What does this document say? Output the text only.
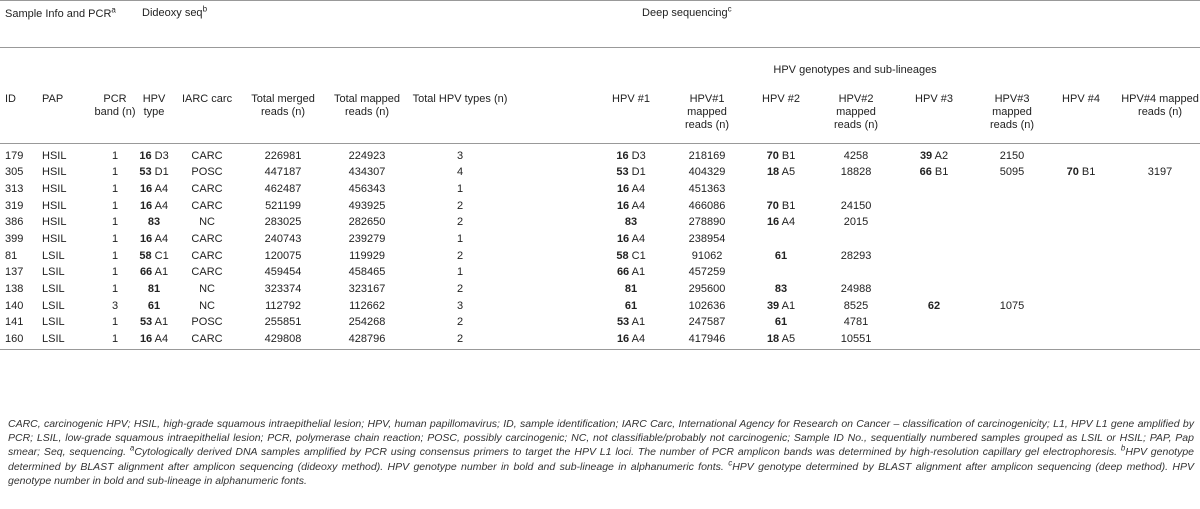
Sample Info and PCR$^a$			Dideoxy seq$^b$		Deep sequencing$^c$
								HPV genotypes and sub-lineages								
ID	PAP	PCR band (n)	HPV type	IARC carc	Total merged reads (n)	Total mapped reads (n)	Total HPV types (n)		HPV #1	HPV#1 mapped reads (n)	HPV #2	HPV#2 mapped reads (n)	HPV #3	HPV#3 mapped reads (n)	HPV #4	HPV#4 mapped reads (n)
179	HSIL	1	16 D3	CARC	226981	224923	3		16 D3	218169	70 B1	4258	39 A2	2150		
305	HSIL	1	53 D1	POSC	447187	434307	4		53 D1	404329	18 A5	18828	66 B1	5095	70 B1	3197
313	HSIL	1	16 A4	CARC	462487	456343	1		16 A4	451363						
319	HSIL	1	16 A4	CARC	521199	493925	2		16 A4	466086	70 B1	24150				
386	HSIL	1	83	NC	283025	282650	2		83	278890	16 A4	2015				
399	HSIL	1	16 A4	CARC	240743	239279	1		16 A4	238954						
81	LSIL	1	58 C1	CARC	120075	119929	2		58 C1	91062	61	28293				
137	LSIL	1	66 A1	CARC	459454	458465	1		66 A1	457259						
138	LSIL	1	81	NC	323374	323167	2		81	295600	83	24988				
140	LSIL	3	61	NC	112792	112662	3		61	102636	39 A1	8525	62	1075		
141	LSIL	1	53 A1	POSC	255851	254268	2		53 A1	247587	61	4781				
160	LSIL	1	16 A4	CARC	429808	428796	2		16 A4	417946	18 A5	10551				
CARC, carcinogenic HPV; HSIL, high-grade squamous intraepithelial lesion; HPV, human papillomavirus; ID, sample identification; IARC Carc, International Agency for Research on Cancer – classification of carcinogenicity; L1, HPV L1 gene amplified by PCR; LSIL, low-grade squamous intraepithelial lesion; PCR, polymerase chain reaction; POSC, possibly carcinogenic; NC, not classifiable/probably not carcinogenic; Sample ID No., sequentially numbered samples grouped as LSIL or HSIL; PAP, Pap smear; Seq, sequencing. $^a$Cytologically derived DNA samples amplified by PCR using consensus primers to target the HPV L1 loci. The number of PCR amplicon bands was determined by high-resolution capillary gel electrophoresis. $^b$HPV genotype determined by BLAST alignment after amplicon sequencing (dideoxy method). HPV genotype number in bold and sub-lineage in alphanumeric fonts. $^c$HPV genotype determined by BLAST alignment after amplicon sequencing (deep method). HPV genotype number in bold and sub-lineage in alphanumeric fonts.
